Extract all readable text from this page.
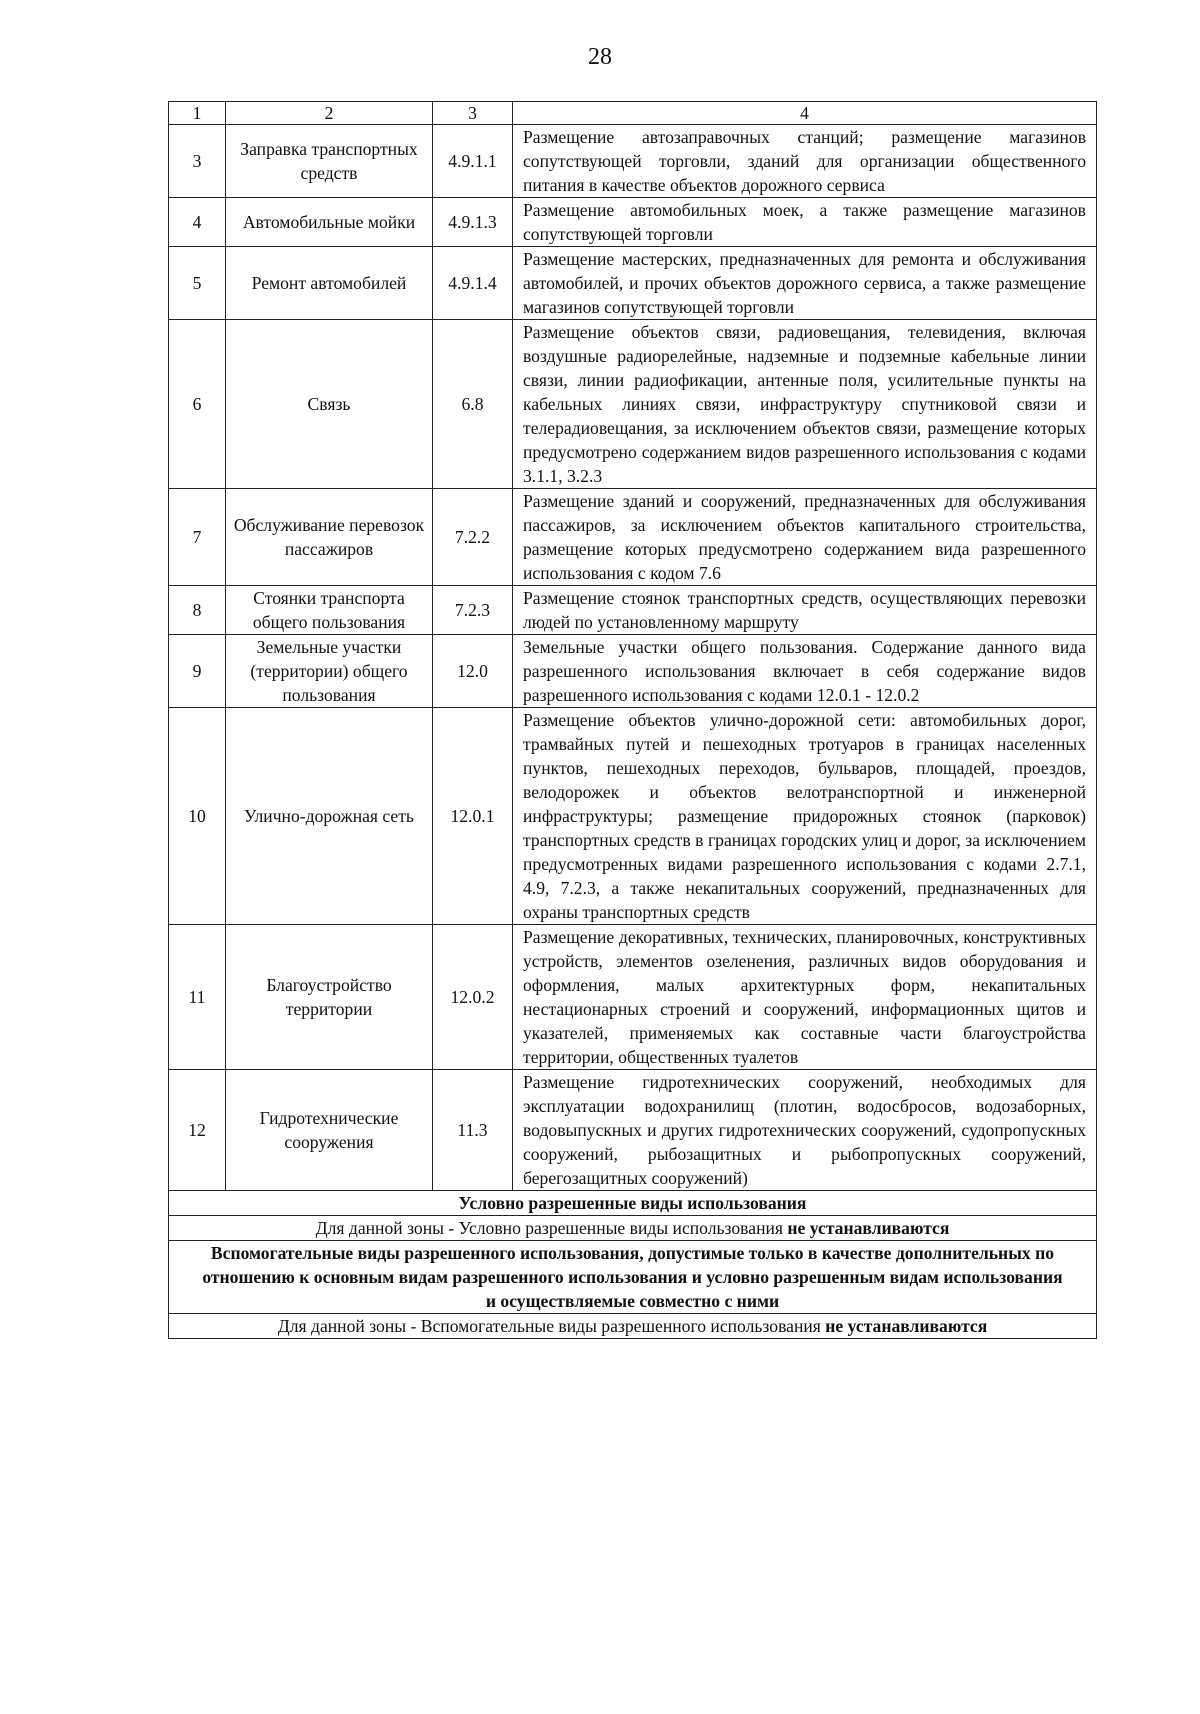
28
1	2	3	4
3	Заправка транспортных средств	4.9.1.1	Размещение автозаправочных станций; размещение магазинов сопутствующей торговли, зданий для организации общественного питания в качестве объектов дорожного сервиса
4	Автомобильные мойки	4.9.1.3	Размещение автомобильных моек, а также размещение магазинов сопутствующей торговли
5	Ремонт автомобилей	4.9.1.4	Размещение мастерских, предназначенных для ремонта и обслуживания автомобилей, и прочих объектов дорожного сервиса, а также размещение магазинов сопутствующей торговли
6	Связь	6.8	Размещение объектов связи, радиовещания, телевидения, включая воздушные радиорелейные, надземные и подземные кабельные линии связи, линии радиофикации, антенные поля, усилительные пункты на кабельных линиях связи, инфраструктуру спутниковой связи и телерадиовещания, за исключением объектов связи, размещение которых предусмотрено содержанием видов разрешенного использования с кодами 3.1.1, 3.2.3
7	Обслуживание перевозок пассажиров	7.2.2	Размещение зданий и сооружений, предназначенных для обслуживания пассажиров, за исключением объектов капитального строительства, размещение которых предусмотрено содержанием вида разрешенного использования с кодом 7.6
8	Стоянки транспорта общего пользования	7.2.3	Размещение стоянок транспортных средств, осуществляющих перевозки людей по установленному маршруту
9	Земельные участки (территории) общего пользования	12.0	Земельные участки общего пользования. Содержание данного вида разрешенного использования включает в себя содержание видов разрешенного использования с кодами 12.0.1 - 12.0.2
10	Улично-дорожная сеть	12.0.1	Размещение объектов улично-дорожной сети: автомобильных дорог, трамвайных путей и пешеходных тротуаров в границах населенных пунктов, пешеходных переходов, бульваров, площадей, проездов, велодорожек и объектов велотранспортной и инженерной инфраструктуры; размещение придорожных стоянок (парковок) транспортных средств в границах городских улиц и дорог, за исключением предусмотренных видами разрешенного использования с кодами 2.7.1, 4.9, 7.2.3, а также некапитальных сооружений, предназначенных для охраны транспортных средств
11	Благоустройство территории	12.0.2	Размещение декоративных, технических, планировочных, конструктивных устройств, элементов озеленения, различных видов оборудования и оформления, малых архитектурных форм, некапитальных нестационарных строений и сооружений, информационных щитов и указателей, применяемых как составные части благоустройства территории, общественных туалетов
12	Гидротехнические сооружения	11.3	Размещение гидротехнических сооружений, необходимых для эксплуатации водохранилищ (плотин, водосбросов, водозаборных, водовыпускных и других гидротехнических сооружений, судопропускных сооружений, рыбозащитных и рыбопропускных сооружений, берегозащитных сооружений)
Условно разрешенные виды использования			
Для данной зоны - Условно разрешенные виды использования не устанавливаются			
Вспомогательные виды разрешенного использования, допустимые только в качестве дополнительных по отношению к основным видам разрешенного использования и условно разрешенным видам использования и осуществляемые совместно с ними			
Для данной зоны - Вспомогательные виды разрешенного использования не устанавливаются			
